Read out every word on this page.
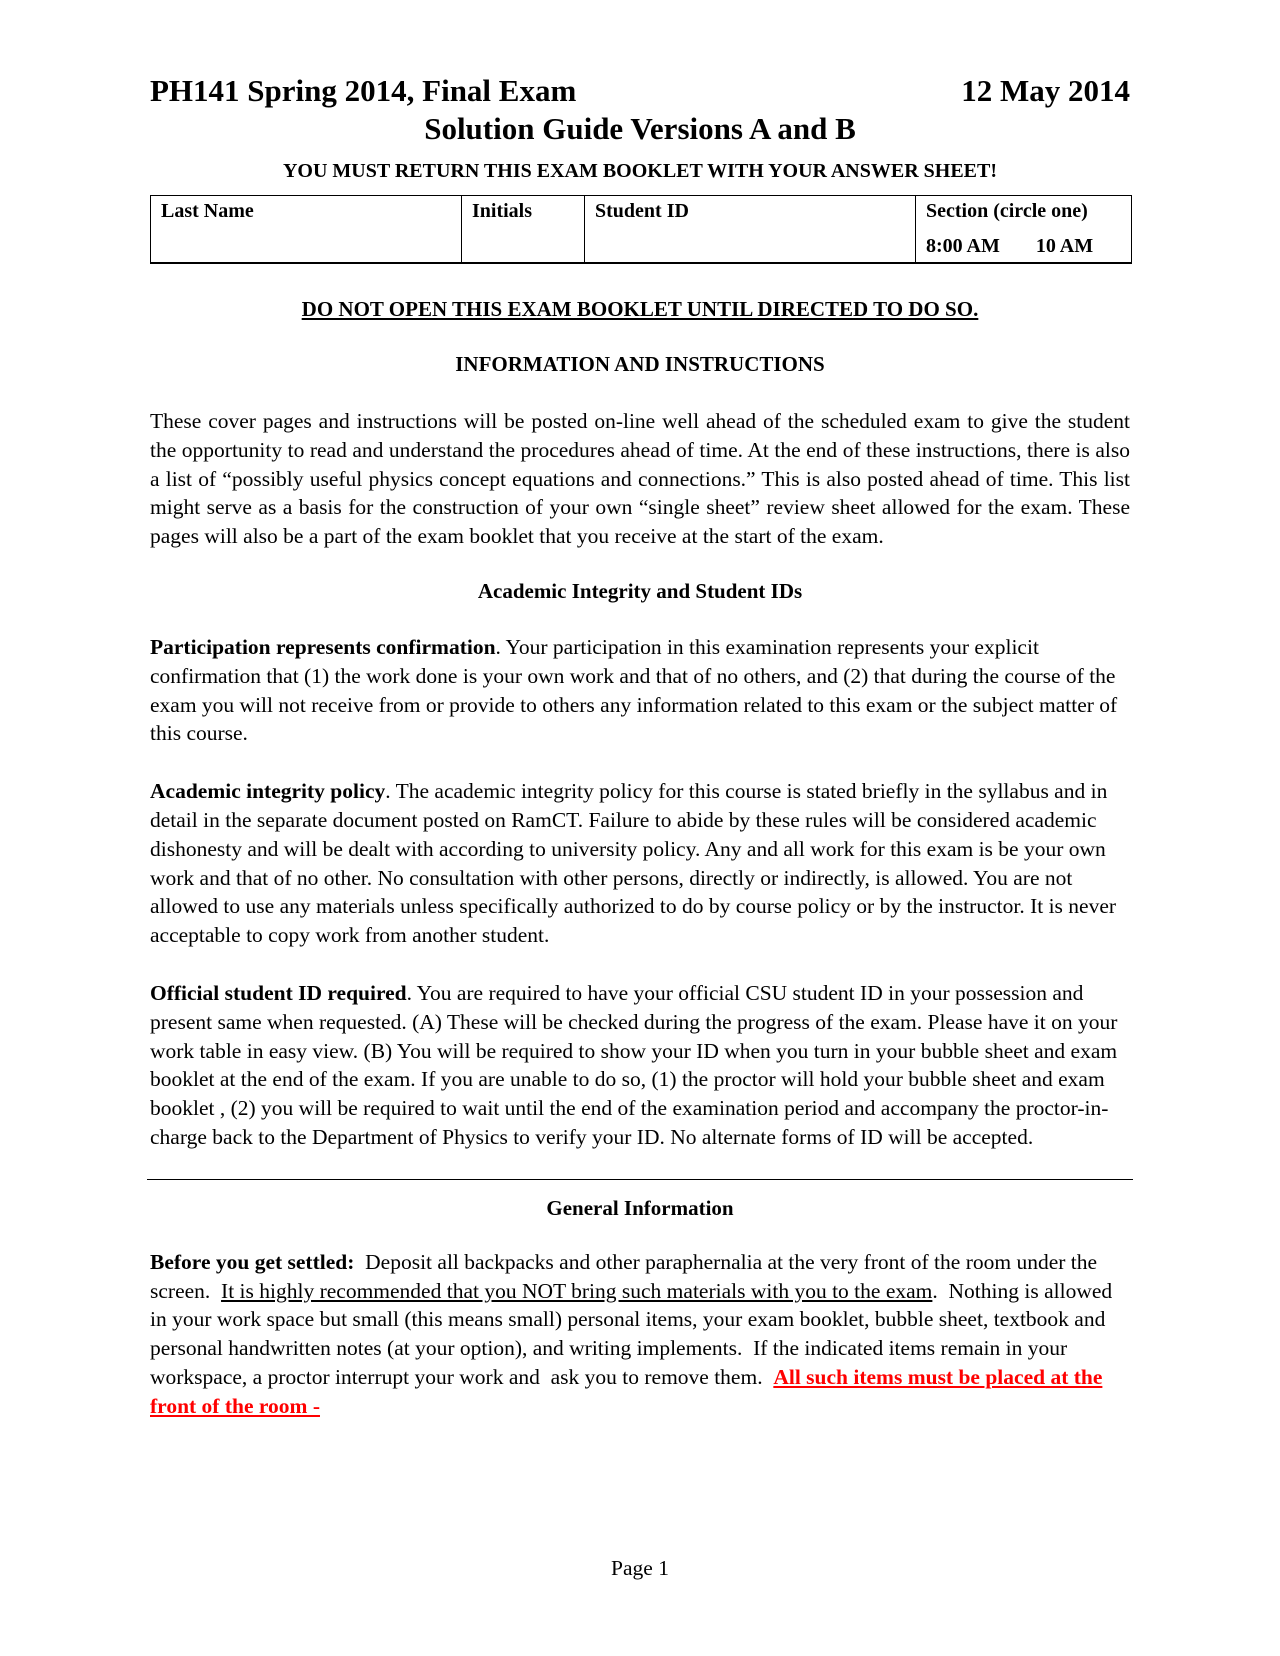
PH141 Spring 2014, Final Exam	12 May 2014
Solution Guide Versions A and B
YOU MUST RETURN THIS EXAM BOOKLET WITH YOUR ANSWER SHEET!
Last Name	Initials	Student ID	Section (circle one)
8:00 AM 10 AM
DO NOT OPEN THIS EXAM BOOKLET UNTIL DIRECTED TO DO SO.
INFORMATION AND INSTRUCTIONS

These cover pages and instructions will be posted on-line well ahead of the scheduled exam to give the student the opportunity to read and understand the procedures ahead of time. At the end of these instructions, there is also a list of “possibly useful physics concept equations and connections.” This is also posted ahead of time. This list might serve as a basis for the construction of your own “single sheet” review sheet allowed for the exam. These pages will also be a part of the exam booklet that you receive at the start of the exam.

Academic Integrity and Student IDs

Participation represents confirmation. Your participation in this examination represents your explicit confirmation that (1) the work done is your own work and that of no others, and (2) that during the course of the exam you will not receive from or provide to others any information related to this exam or the subject matter of this course.

Academic integrity policy. The academic integrity policy for this course is stated briefly in the syllabus and in detail in the separate document posted on RamCT. Failure to abide by these rules will be considered academic dishonesty and will be dealt with according to university policy. Any and all work for this exam is be your own work and that of no other. No consultation with other persons, directly or indirectly, is allowed. You are not allowed to use any materials unless specifically authorized to do by course policy or by the instructor. It is never acceptable to copy work from another student.

Official student ID required. You are required to have your official CSU student ID in your possession and present same when requested. (A) These will be checked during the progress of the exam. Please have it on your work table in easy view. (B) You will be required to show your ID when you turn in your bubble sheet and exam booklet at the end of the exam. If you are unable to do so, (1) the proctor will hold your bubble sheet and exam booklet , (2) you will be required to wait until the end of the examination period and accompany the proctor-in-charge back to the Department of Physics to verify your ID. No alternate forms of ID will be accepted.

General Information

Before you get settled:  Deposit all backpacks and other paraphernalia at the very front of the room under the screen.  It is highly recommended that you NOT bring such materials with you to the exam.  Nothing is allowed in your work space but small (this means small) personal items, your exam booklet, bubble sheet, textbook and personal handwritten notes (at your option), and writing implements.  If the indicated items remain in your workspace, a proctor interrupt your work and  ask you to remove them.  All such items must be placed at the front of the room -

Page 1
